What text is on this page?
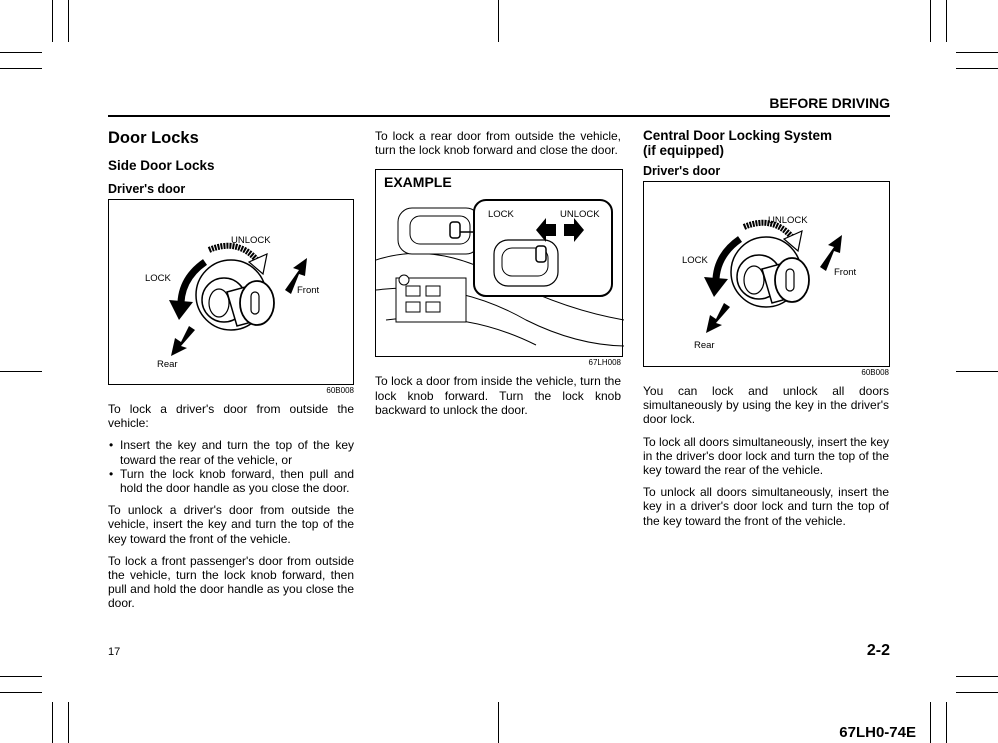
BEFORE DRIVING
Door Locks
Side Door Locks
Driver's door
UNLOCK
LOCK
Front
Rear
60B008

To lock a driver's door from outside the vehicle:

• Insert the key and turn the top of the key toward the rear of the vehicle, or
• Turn the lock knob forward, then pull and hold the door handle as you close the door.

To unlock a driver's door from outside the vehicle, insert the key and turn the top of the key toward the front of the vehicle.

To lock a front passenger's door from outside the vehicle, turn the lock knob forward, then pull and hold the door handle as you close the door.

To lock a rear door from outside the vehicle, turn the lock knob forward and close the door.

EXAMPLE
LOCK	UNLOCK
67LH008

To lock a door from inside the vehicle, turn the lock knob forward. Turn the lock knob backward to unlock the door.

Central Door Locking System
(if equipped)
Driver's door
UNLOCK
LOCK
Front
Rear
60B008

You can lock and unlock all doors simultaneously by using the key in the driver's door lock.

To lock all doors simultaneously, insert the key in the driver's door lock and turn the top of the key toward the rear of the vehicle.

To unlock all doors simultaneously, insert the key in a driver's door lock and turn the top of the key toward the front of the vehicle.

17	2-2
67LH0-74E
